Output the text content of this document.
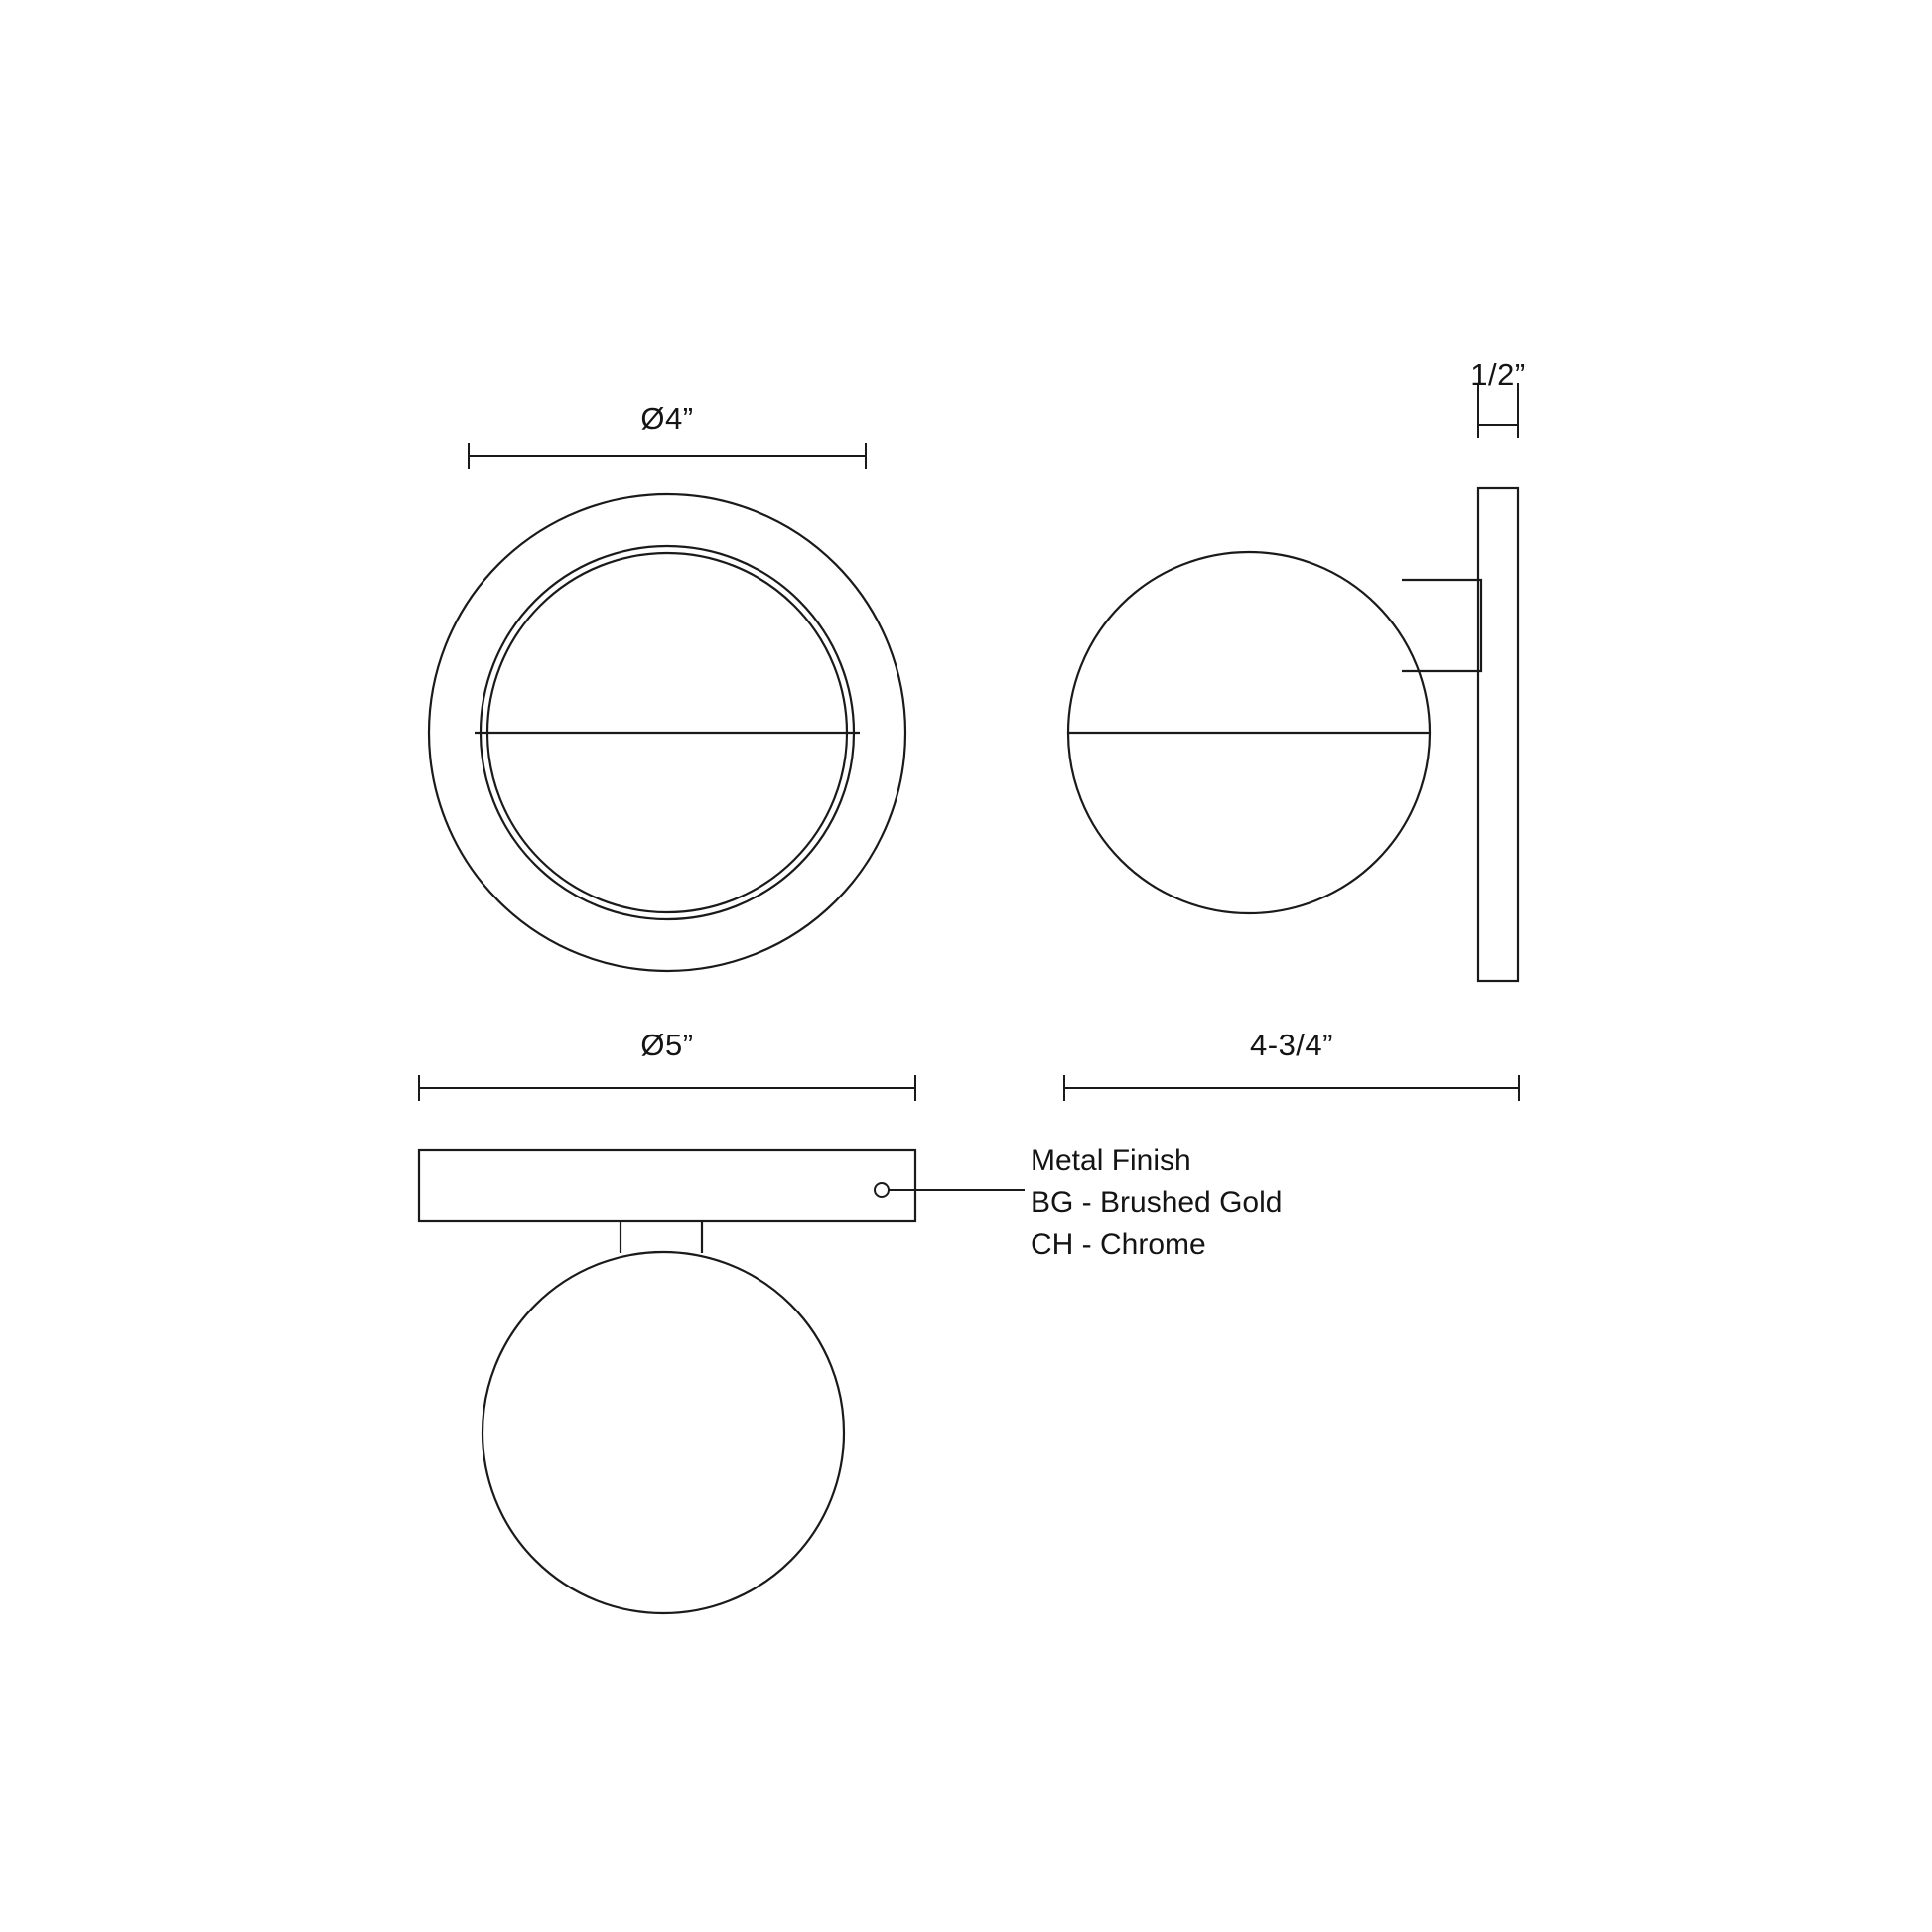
Ø4”
1/2”
Ø5”	4-3/4”
Metal Finish
BG - Brushed Gold
CH - Chrome
